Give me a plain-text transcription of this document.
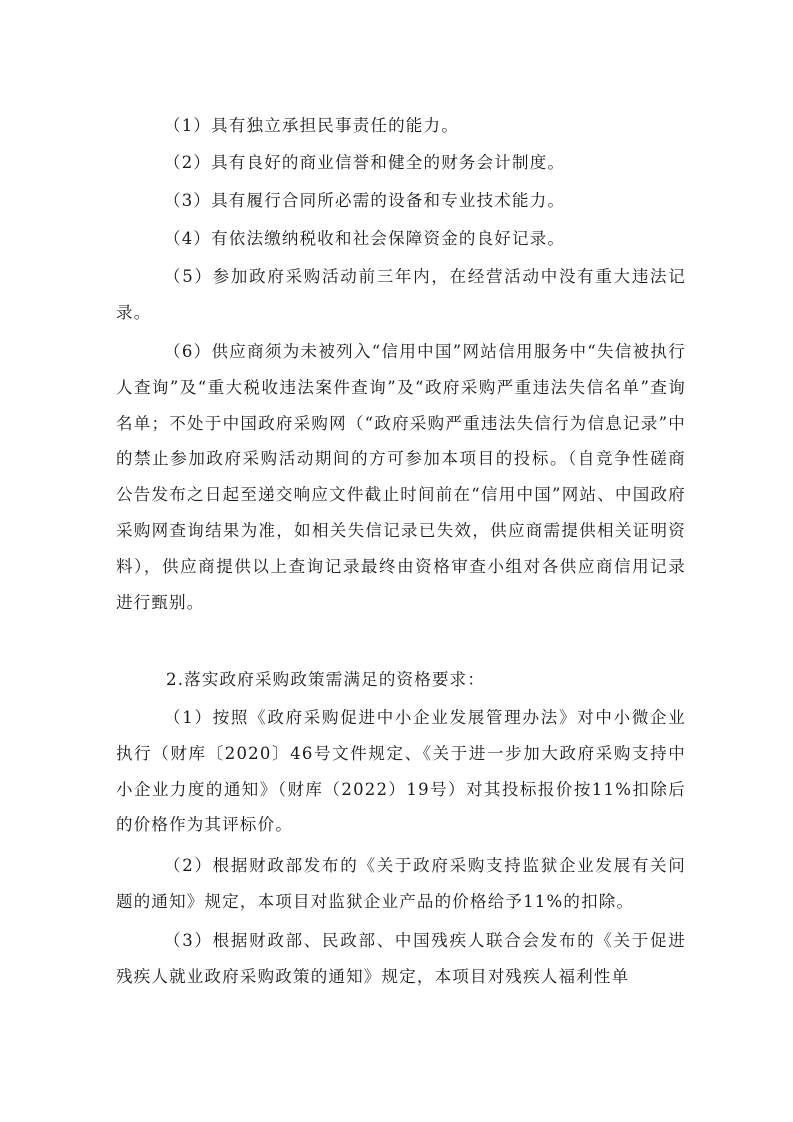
（1）具有独立承担民事责任的能力。

（2）具有良好的商业信誉和健全的财务会计制度。

（3）具有履行合同所必需的设备和专业技术能力。

（4）有依法缴纳税收和社会保障资金的良好记录。

（5）参加政府采购活动前三年内，在经营活动中没有重大违法记录。

（6）供应商须为未被列入“信用中国”网站信用服务中“失信被执行人查询”及“重大税收违法案件查询”及“政府采购严重违法失信名单”查询名单；不处于中国政府采购网（“政府采购严重违法失信行为信息记录”中的禁止参加政府采购活动期间的方可参加本项目的投标。（自竞争性磋商公告发布之日起至递交响应文件截止时间前在“信用中国”网站、中国政府采购网查询结果为准，如相关失信记录已失效，供应商需提供相关证明资料），供应商提供以上查询记录最终由资格审查小组对各供应商信用记录进行甄别。

2.落实政府采购政策需满足的资格要求：

（1）按照《政府采购促进中小企业发展管理办法》对中小微企业执行（财库〔2020〕46号文件规定、《关于进一步加大政府采购支持中小企业力度的通知》（财库（2022）19号）对其投标报价按11%扣除后的价格作为其评标价。

（2）根据财政部发布的《关于政府采购支持监狱企业发展有关问题的通知》规定，本项目对监狱企业产品的价格给予11%的扣除。

（3）根据财政部、民政部、中国残疾人联合会发布的《关于促进残疾人就业政府采购政策的通知》规定，本项目对残疾人福利性单
